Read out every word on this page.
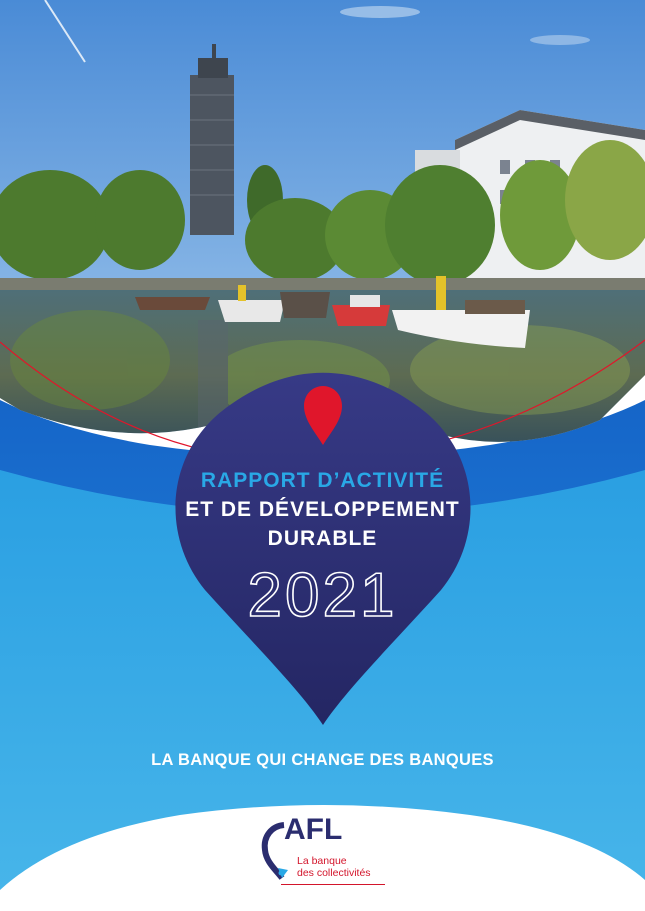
RAPPORT D’ACTIVITÉ

ET DE DÉVELOPPEMENT

DURABLE

2021

LA BANQUE QUI CHANGE DES BANQUES

AFL

La banque

des collectivités
